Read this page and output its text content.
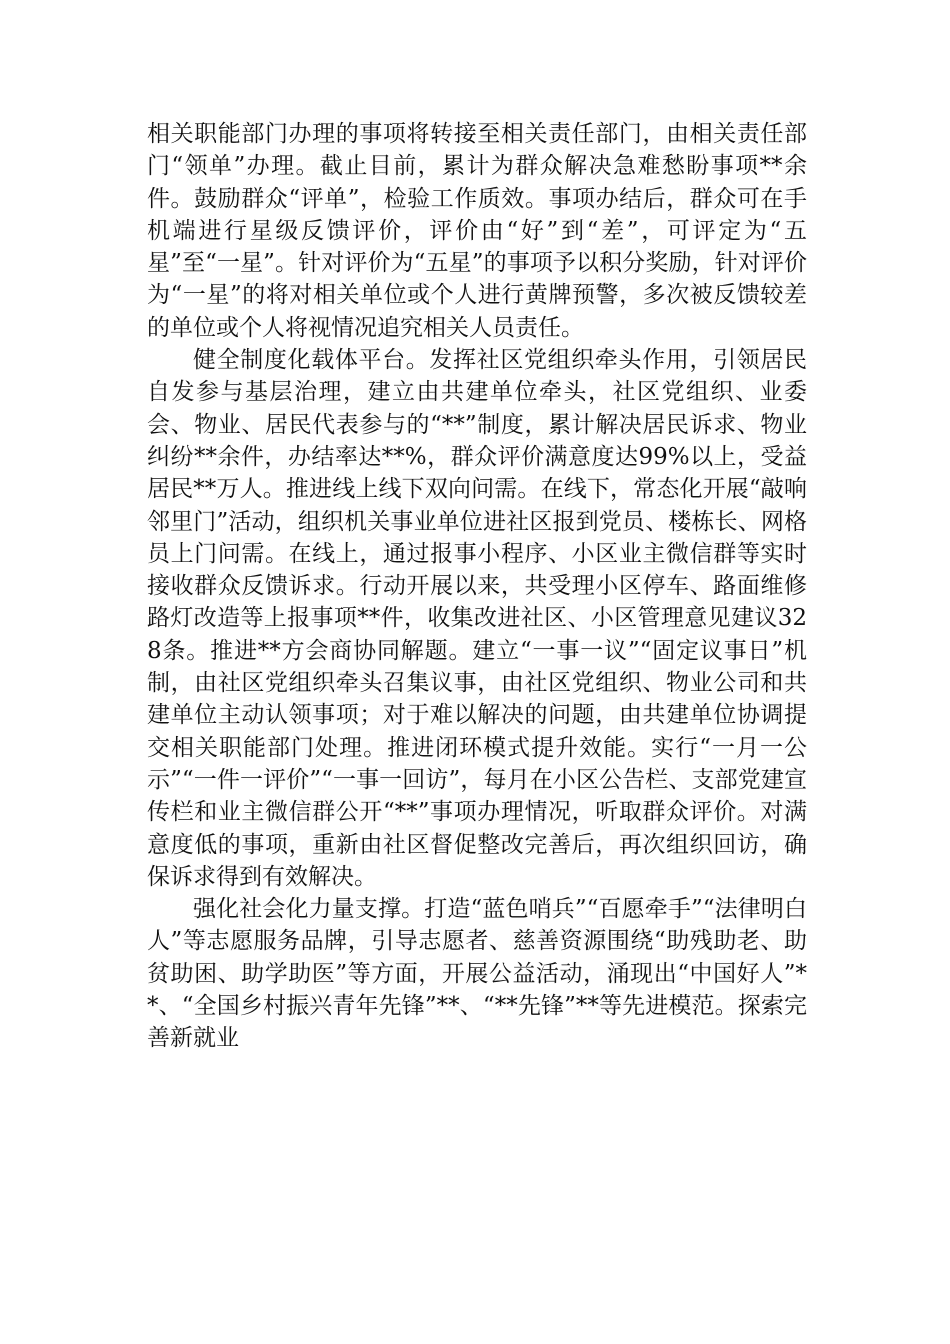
相关职能部门办理的事项将转接至相关责任部门，由相关责任部门“领单”办理。截止目前，累计为群众解决急难愁盼事项**余件。鼓励群众“评单”，检验工作质效。事项办结后，群众可在手机端进行星级反馈评价，评价由“好”到“差”，可评定为“五星”至“一星”。针对评价为“五星”的事项予以积分奖励，针对评价为“一星”的将对相关单位或个人进行黄牌预警，多次被反馈较差的单位或个人将视情况追究相关人员责任。

健全制度化载体平台。发挥社区党组织牵头作用，引领居民自发参与基层治理，建立由共建单位牵头，社区党组织、业委会、物业、居民代表参与的“**”制度，累计解决居民诉求、物业纠纷**余件，办结率达**%，群众评价满意度达99%以上，受益居民**万人。推进线上线下双向问需。在线下，常态化开展“敲响邻里门”活动，组织机关事业单位进社区报到党员、楼栋长、网格员上门问需。在线上，通过报事小程序、小区业主微信群等实时接收群众反馈诉求。行动开展以来，共受理小区停车、路面维修路灯改造等上报事项**件，收集改进社区、小区管理意见建议328条。推进**方会商协同解题。建立“一事一议”“固定议事日”机制，由社区党组织牵头召集议事，由社区党组织、物业公司和共建单位主动认领事项；对于难以解决的问题，由共建单位协调提交相关职能部门处理。推进闭环模式提升效能。实行“一月一公示”“一件一评价”“一事一回访”，每月在小区公告栏、支部党建宣传栏和业主微信群公开“**”事项办理情况，听取群众评价。对满意度低的事项，重新由社区督促整改完善后，再次组织回访，确保诉求得到有效解决。

强化社会化力量支撑。打造“蓝色哨兵”“百愿牵手”“法律明白人”等志愿服务品牌，引导志愿者、慈善资源围绕“助残助老、助贫助困、助学助医”等方面，开展公益活动，涌现出“中国好人”**、“全国乡村振兴青年先锋”**、“**先锋”**等先进模范。探索完善新就业
